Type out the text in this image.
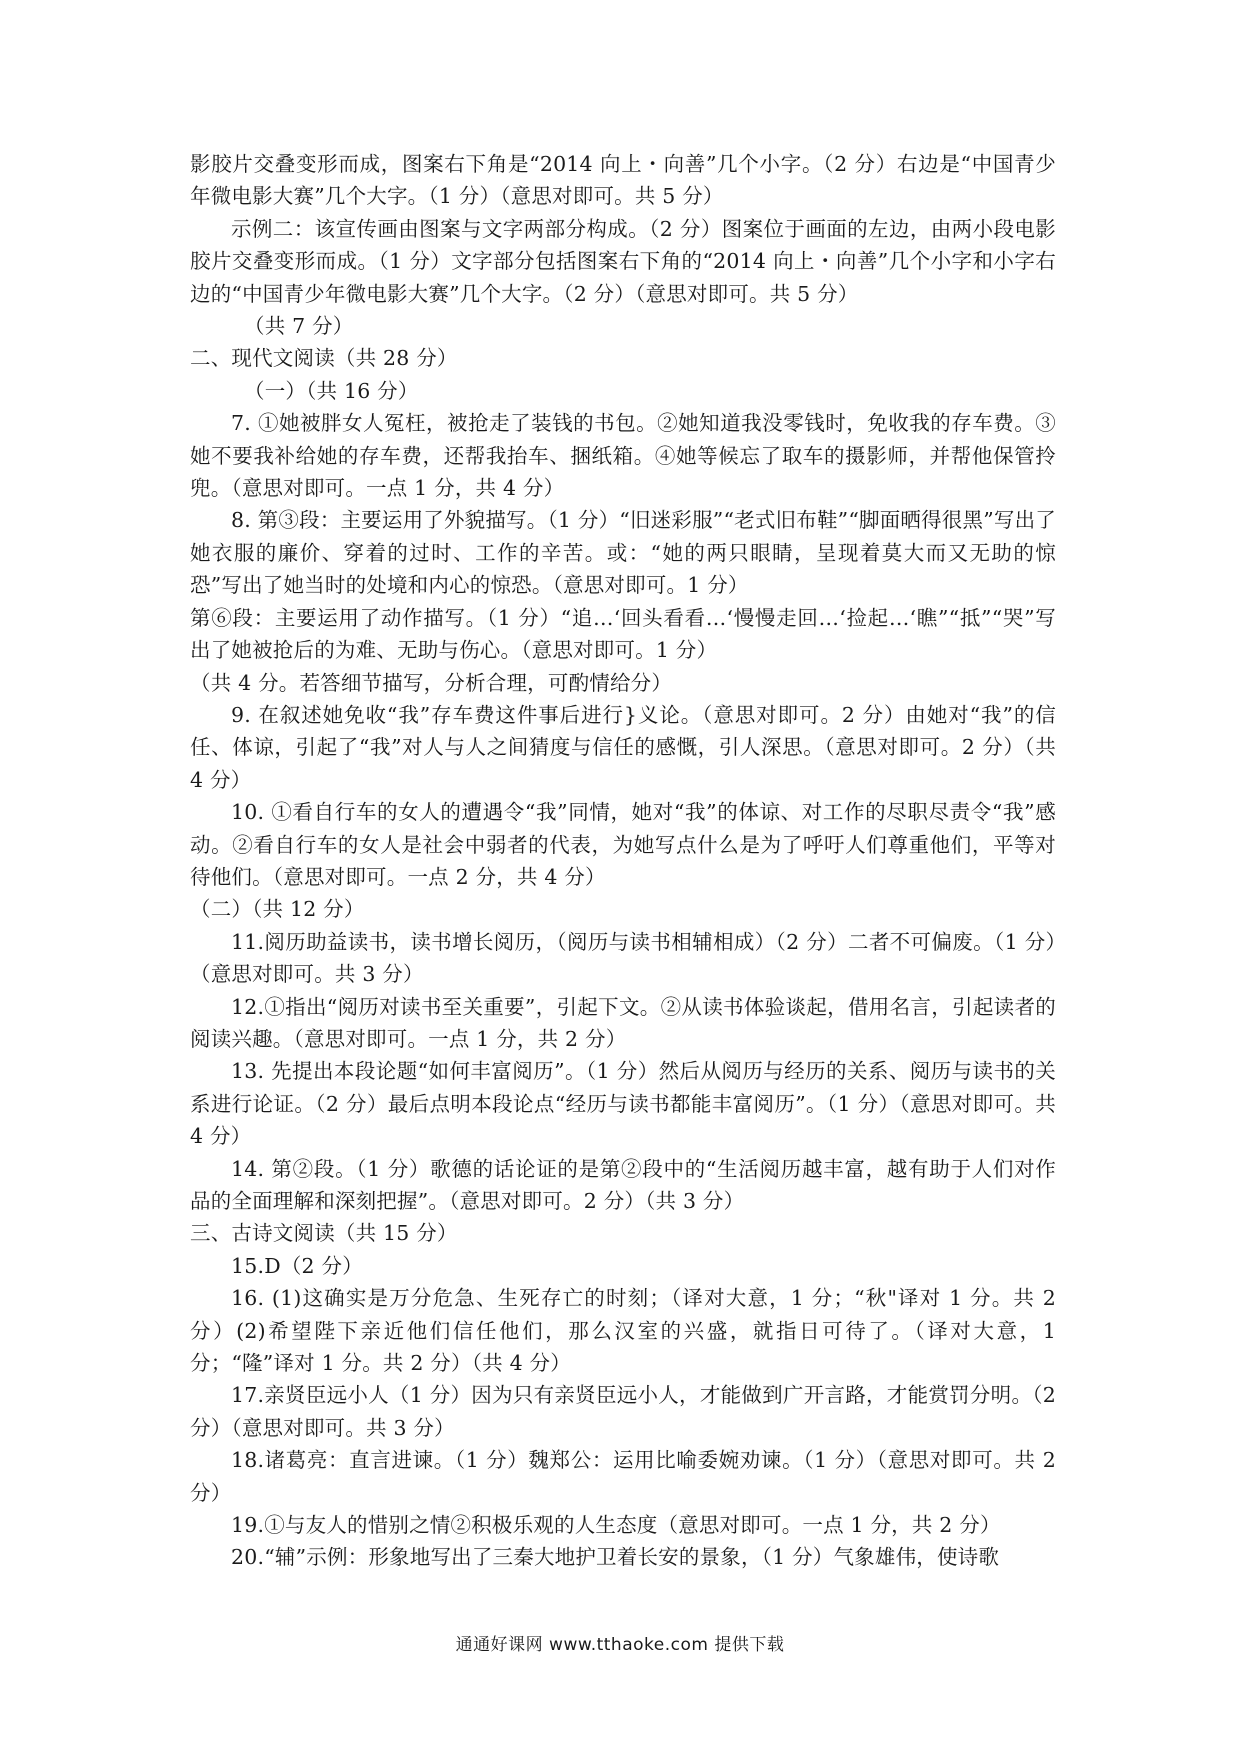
影胶片交叠变形而成，图案右下角是“2014 向上・向善”几个小字。（2 分）右边是“中国青少年微电影大赛”几个大字。（1 分）（意思对即可。共 5 分）

示例二：该宣传画由图案与文字两部分构成。（2 分）图案位于画面的左边，由两小段电影胶片交叠变形而成。（1 分）文字部分包括图案右下角的“2014 向上・向善”几个小字和小字右边的“中国青少年微电影大赛”几个大字。（2 分）（意思对即可。共 5 分）

（共 7 分）

二、现代文阅读（共 28 分）

（一）（共 16 分）

7. ①她被胖女人冤枉，被抢走了装钱的书包。②她知道我没零钱时，免收我的存车费。③她不要我补给她的存车费，还帮我抬车、捆纸箱。④她等候忘了取车的摄影师，并帮他保管拎兜。（意思对即可。一点 1 分，共 4 分）

8. 第③段：主要运用了外貌描写。（1 分）“旧迷彩服”“老式旧布鞋”“脚面晒得很黑”写出了她衣服的廉价、穿着的过时、工作的辛苦。或：“她的两只眼睛，呈现着莫大而又无助的惊恐”写出了她当时的处境和内心的惊恐。（意思对即可。1 分）

第⑥段：主要运用了动作描写。（1 分）“追…‘回头看看…‘慢慢走回…‘捡起…‘瞧”“抵”“哭”写出了她被抢后的为难、无助与伤心。（意思对即可。1 分）

（共 4 分。若答细节描写，分析合理，可酌情给分）

9. 在叙述她免收“我”存车费这件事后进行}义论。（意思对即可。2 分）由她对“我”的信任、体谅，引起了“我”对人与人之间猜度与信任的感慨，引人深思。（意思对即可。2 分）（共 4 分）

10. ①看自行车的女人的遭遇令“我”同情，她对“我”的体谅、对工作的尽职尽责令“我”感动。②看自行车的女人是社会中弱者的代表，为她写点什么是为了呼吁人们尊重他们，平等对待他们。（意思对即可。一点 2 分，共 4 分）

（二）（共 12 分）

11.阅历助益读书，读书增长阅历，（阅历与读书相辅相成）（2 分）二者不可偏废。（1 分）（意思对即可。共 3 分）

12.①指出“阅历对读书至关重要”，引起下文。②从读书体验谈起，借用名言，引起读者的阅读兴趣。（意思对即可。一点 1 分，共 2 分）

13. 先提出本段论题“如何丰富阅历”。（1 分）然后从阅历与经历的关系、阅历与读书的关系进行论证。（2 分）最后点明本段论点“经历与读书都能丰富阅历”。（1 分）（意思对即可。共 4 分）

14. 第②段。（1 分）歌德的话论证的是第②段中的“生活阅历越丰富，越有助于人们对作品的全面理解和深刻把握”。（意思对即可。2 分）（共 3 分）

三、古诗文阅读（共 15 分）

15.D（2 分）

16. (1)这确实是万分危急、生死存亡的时刻；（译对大意，1 分；“秋"译对 1 分。共 2 分）(2)希望陛下亲近他们信任他们，那么汉室的兴盛，就指日可待了。（译对大意，1 分；“隆”译对 1 分。共 2 分）（共 4 分）

17.亲贤臣远小人（1 分）因为只有亲贤臣远小人，才能做到广开言路，才能赏罚分明。（2 分）（意思对即可。共 3 分）

18.诸葛亮：直言进谏。（1 分）魏郑公：运用比喻委婉劝谏。（1 分）（意思对即可。共 2 分）

19.①与友人的惜别之情②积极乐观的人生态度（意思对即可。一点 1 分，共 2 分）

20.“辅”示例：形象地写出了三秦大地护卫着长安的景象，（1 分）气象雄伟，使诗歌

通通好课网 www.tthaoke.com 提供下载
